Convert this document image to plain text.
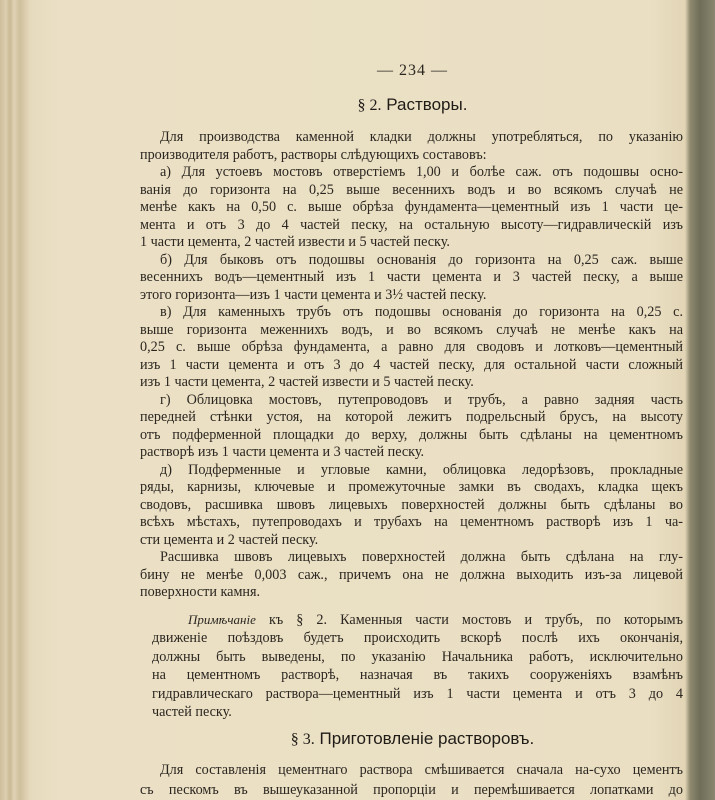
— 234 —
§ 2. Растворы.
Для производства каменной кладки должны употребляться, по указанію
производителя работъ, растворы слѣдующихъ составовъ:
а) Для устоевъ мостовъ отверстіемъ 1,00 и болѣе саж. отъ подошвы осно-
ванія до горизонта на 0,25 выше весеннихъ водъ и во всякомъ случаѣ не
менѣе какъ на 0,50 с. выше обрѣза фундамента—цементный изъ 1 части це-
мента и отъ 3 до 4 частей песку, на остальную высоту—гидравлическій изъ
1 части цемента, 2 частей извести и 5 частей песку.
б) Для быковъ отъ подошвы основанія до горизонта на 0,25 саж. выше
весеннихъ водъ—цементный изъ 1 части цемента и 3 частей песку, а выше
этого горизонта—изъ 1 части цемента и 3½ частей песку.
в) Для каменныхъ трубъ отъ подошвы основанія до горизонта на 0,25 с.
выше горизонта меженнихъ водъ, и во всякомъ случаѣ не менѣе какъ на
0,25 с. выше обрѣза фундамента, а равно для сводовъ и лотковъ—цементный
изъ 1 части цемента и отъ 3 до 4 частей песку, для остальной части сложный
изъ 1 части цемента, 2 частей извести и 5 частей песку.
г) Облицовка мостовъ, путепроводовъ и трубъ, а равно задняя часть
передней стѣнки устоя, на которой лежитъ подрельсный брусъ, на высоту
отъ подферменной площадки до верху, должны быть сдѣланы на цементномъ
растворѣ изъ 1 части цемента и 3 частей песку.
д) Подферменные и угловые камни, облицовка ледорѣзовъ, прокладные
ряды, карнизы, ключевые и промежуточные замки въ сводахъ, кладка щекъ
сводовъ, расшивка швовъ лицевыхъ поверхностей должны быть сдѣланы во
всѣхъ мѣстахъ, путепроводахъ и трубахъ на цементномъ растворѣ изъ 1 ча-
сти цемента и 2 частей песку.
Расшивка швовъ лицевыхъ поверхностей должна быть сдѣлана на глу-
бину не менѣе 0,003 саж., причемъ она не должна выходить изъ-за лицевой
поверхности камня.
Примѣчаніе къ § 2. Каменныя части мостовъ и трубъ, по которымъ
движеніе поѣздовъ будетъ происходить вскорѣ послѣ ихъ окончанія,
должны быть выведены, по указанію Начальника работъ, исключительно
на цементномъ растворѣ, назначая въ такихъ сооруженіяхъ взамѣнъ
гидравлическаго раствора—цементный изъ 1 части цемента и отъ 3 до 4
частей песку.
§ 3. Приготовленіе растворовъ.
Для составленія цементнаго раствора смѣшивается сначала на-сухо цементъ
съ пескомъ въ вышеуказанной пропорціи и перемѣшивается лопатками до
